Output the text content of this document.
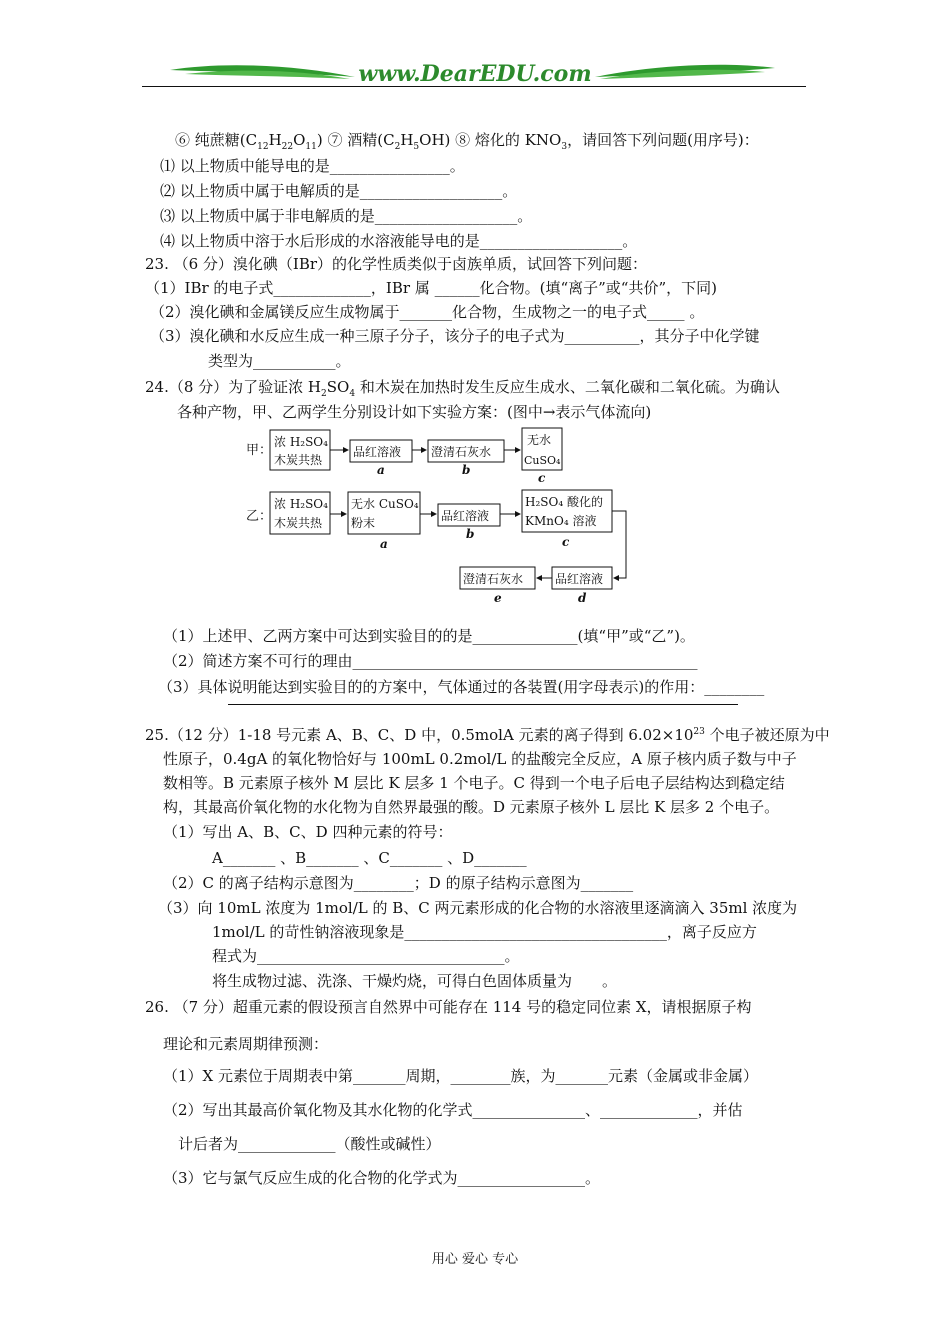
www.DearEDU.com
⑥ 纯蔗糖$(C_{12}H_{22}O_{11})$ ⑦ 酒精$(C_2H_5OH)$ ⑧ 熔化的 $KNO_3$，请回答下列问题(用序号)：
⑴ 以上物质中能导电的是________________。
⑵ 以上物质中属于电解质的是___________________。
⑶ 以上物质中属于非电解质的是___________________。
⑷ 以上物质中溶于水后形成的水溶液能导电的是___________________。
23. （6 分）溴化碘（IBr）的化学性质类似于卤族单质，试回答下列问题：
（1）IBr 的电子式_____________，IBr 属 ______化合物。(填“离子”或“共价”，下同)
（2）溴化碘和金属镁反应生成物属于_______化合物，生成物之一的电子式_____ 。
（3）溴化碘和水反应生成一种三原子分子，该分子的电子式为__________，其分子中化学键
类型为___________。
24.（8 分）为了验证浓 $H_2SO_4$ 和木炭在加热时发生反应生成水、二氧化碳和二氧化硫。为确认
各种产物，甲、乙两学生分别设计如下实验方案：(图中→表示气体流向)
（1）上述甲、乙两方案中可达到实验目的的是______________(填“甲”或“乙”)。
（2）简述方案不可行的理由______________________________________________
（3）具体说明能达到实验目的的方案中，气体通过的各装置(用字母表示)的作用：________
25.（12 分）1-18 号元素 A、B、C、D 中，0.5molA 元素的离子得到 $6.02\times 10^{23}$ 个电子被还原为中
性原子，0.4gA 的氧化物恰好与 100mL 0.2mol/L 的盐酸完全反应，A 原子核内质子数与中子
数相等。B 元素原子核外 M 层比 K 层多 1 个电子。C 得到一个电子后电子层结构达到稳定结
构，其最高价氧化物的水化物为自然界最强的酸。D 元素原子核外 L 层比 K 层多 2 个电子。
（1）写出 A、B、C、D 四种元素的符号：
A_______ 、B_______ 、C_______ 、D_______
（2）C 的离子结构示意图为________；D 的原子结构示意图为_______
（3）向 10mL 浓度为 1mol/L 的 B、C 两元素形成的化合物的水溶液里逐滴滴入 35ml 浓度为
1mol/L 的苛性钠溶液现象是___________________________________，离子反应方
程式为_________________________________。
将生成物过滤、洗涤、干燥灼烧，可得白色固体质量为　　。
26. （7 分）超重元素的假设预言自然界中可能存在 114 号的稳定同位素 X，请根据原子构
理论和元素周期律预测：
（1）X 元素位于周期表中第_______周期，________族，为_______元素（金属或非金属）
（2）写出其最高价氧化物及其水化物的化学式_______________、_____________，并估
计后者为_____________（酸性或碱性）
（3）它与氯气反应生成的化合物的化学式为_________________。
甲：
浓 H₂SO₄
木炭共热
品红溶液
a
澄清石灰水
b
无水
CuSO₄
c
乙：
浓 H₂SO₄
木炭共热
无水 CuSO₄
粉末
a
品红溶液
b
H₂SO₄ 酸化的
KMnO₄ 溶液
c
品红溶液
d
澄清石灰水
e
用心 爱心 专心
